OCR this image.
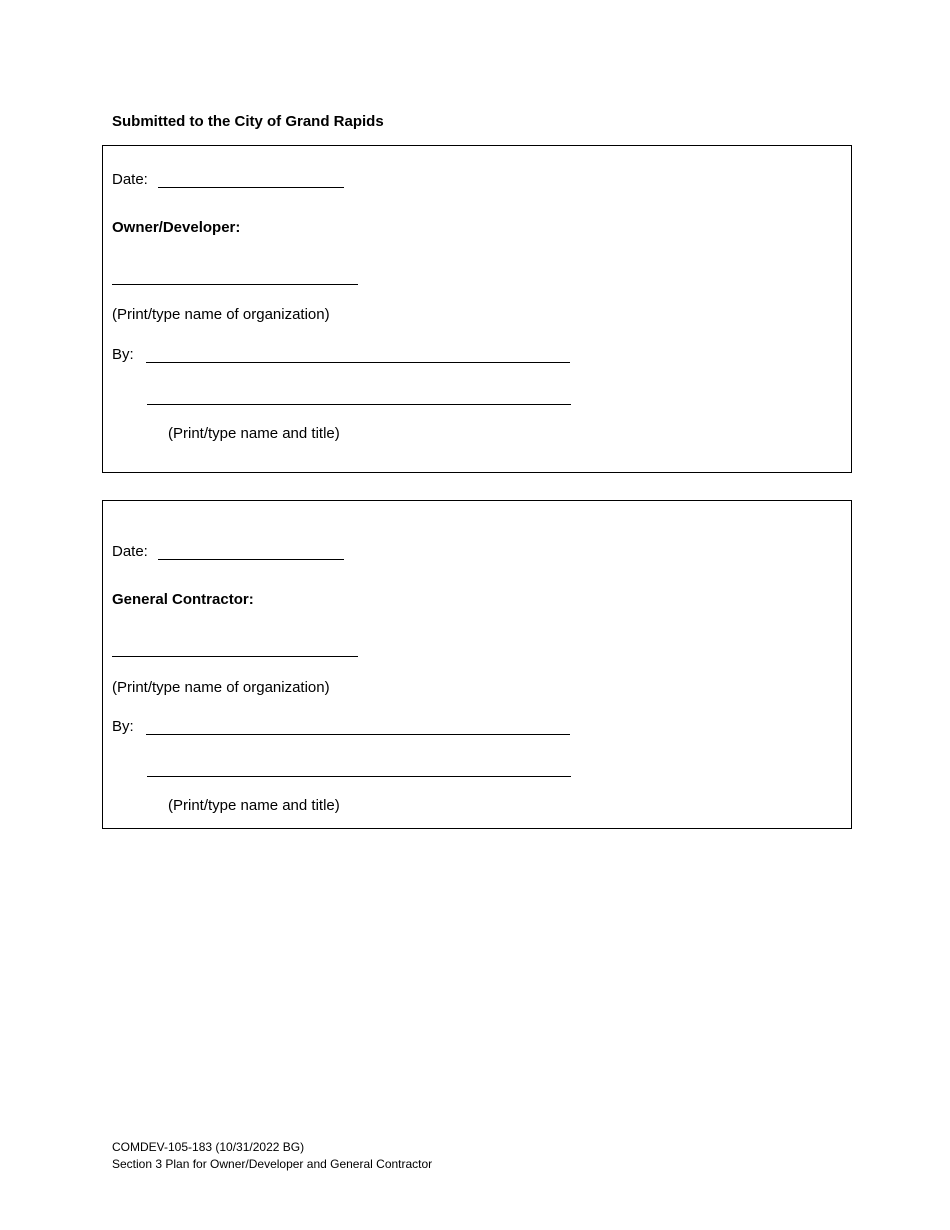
Submitted to the City of Grand Rapids
Date:
Owner/Developer:
(Print/type name of organization)
By:
(Print/type name and title)
Date:
General Contractor:
(Print/type name of organization)
By:
(Print/type name and title)
COMDEV-105-183 (10/31/2022 BG)
Section 3 Plan for Owner/Developer and General Contractor
